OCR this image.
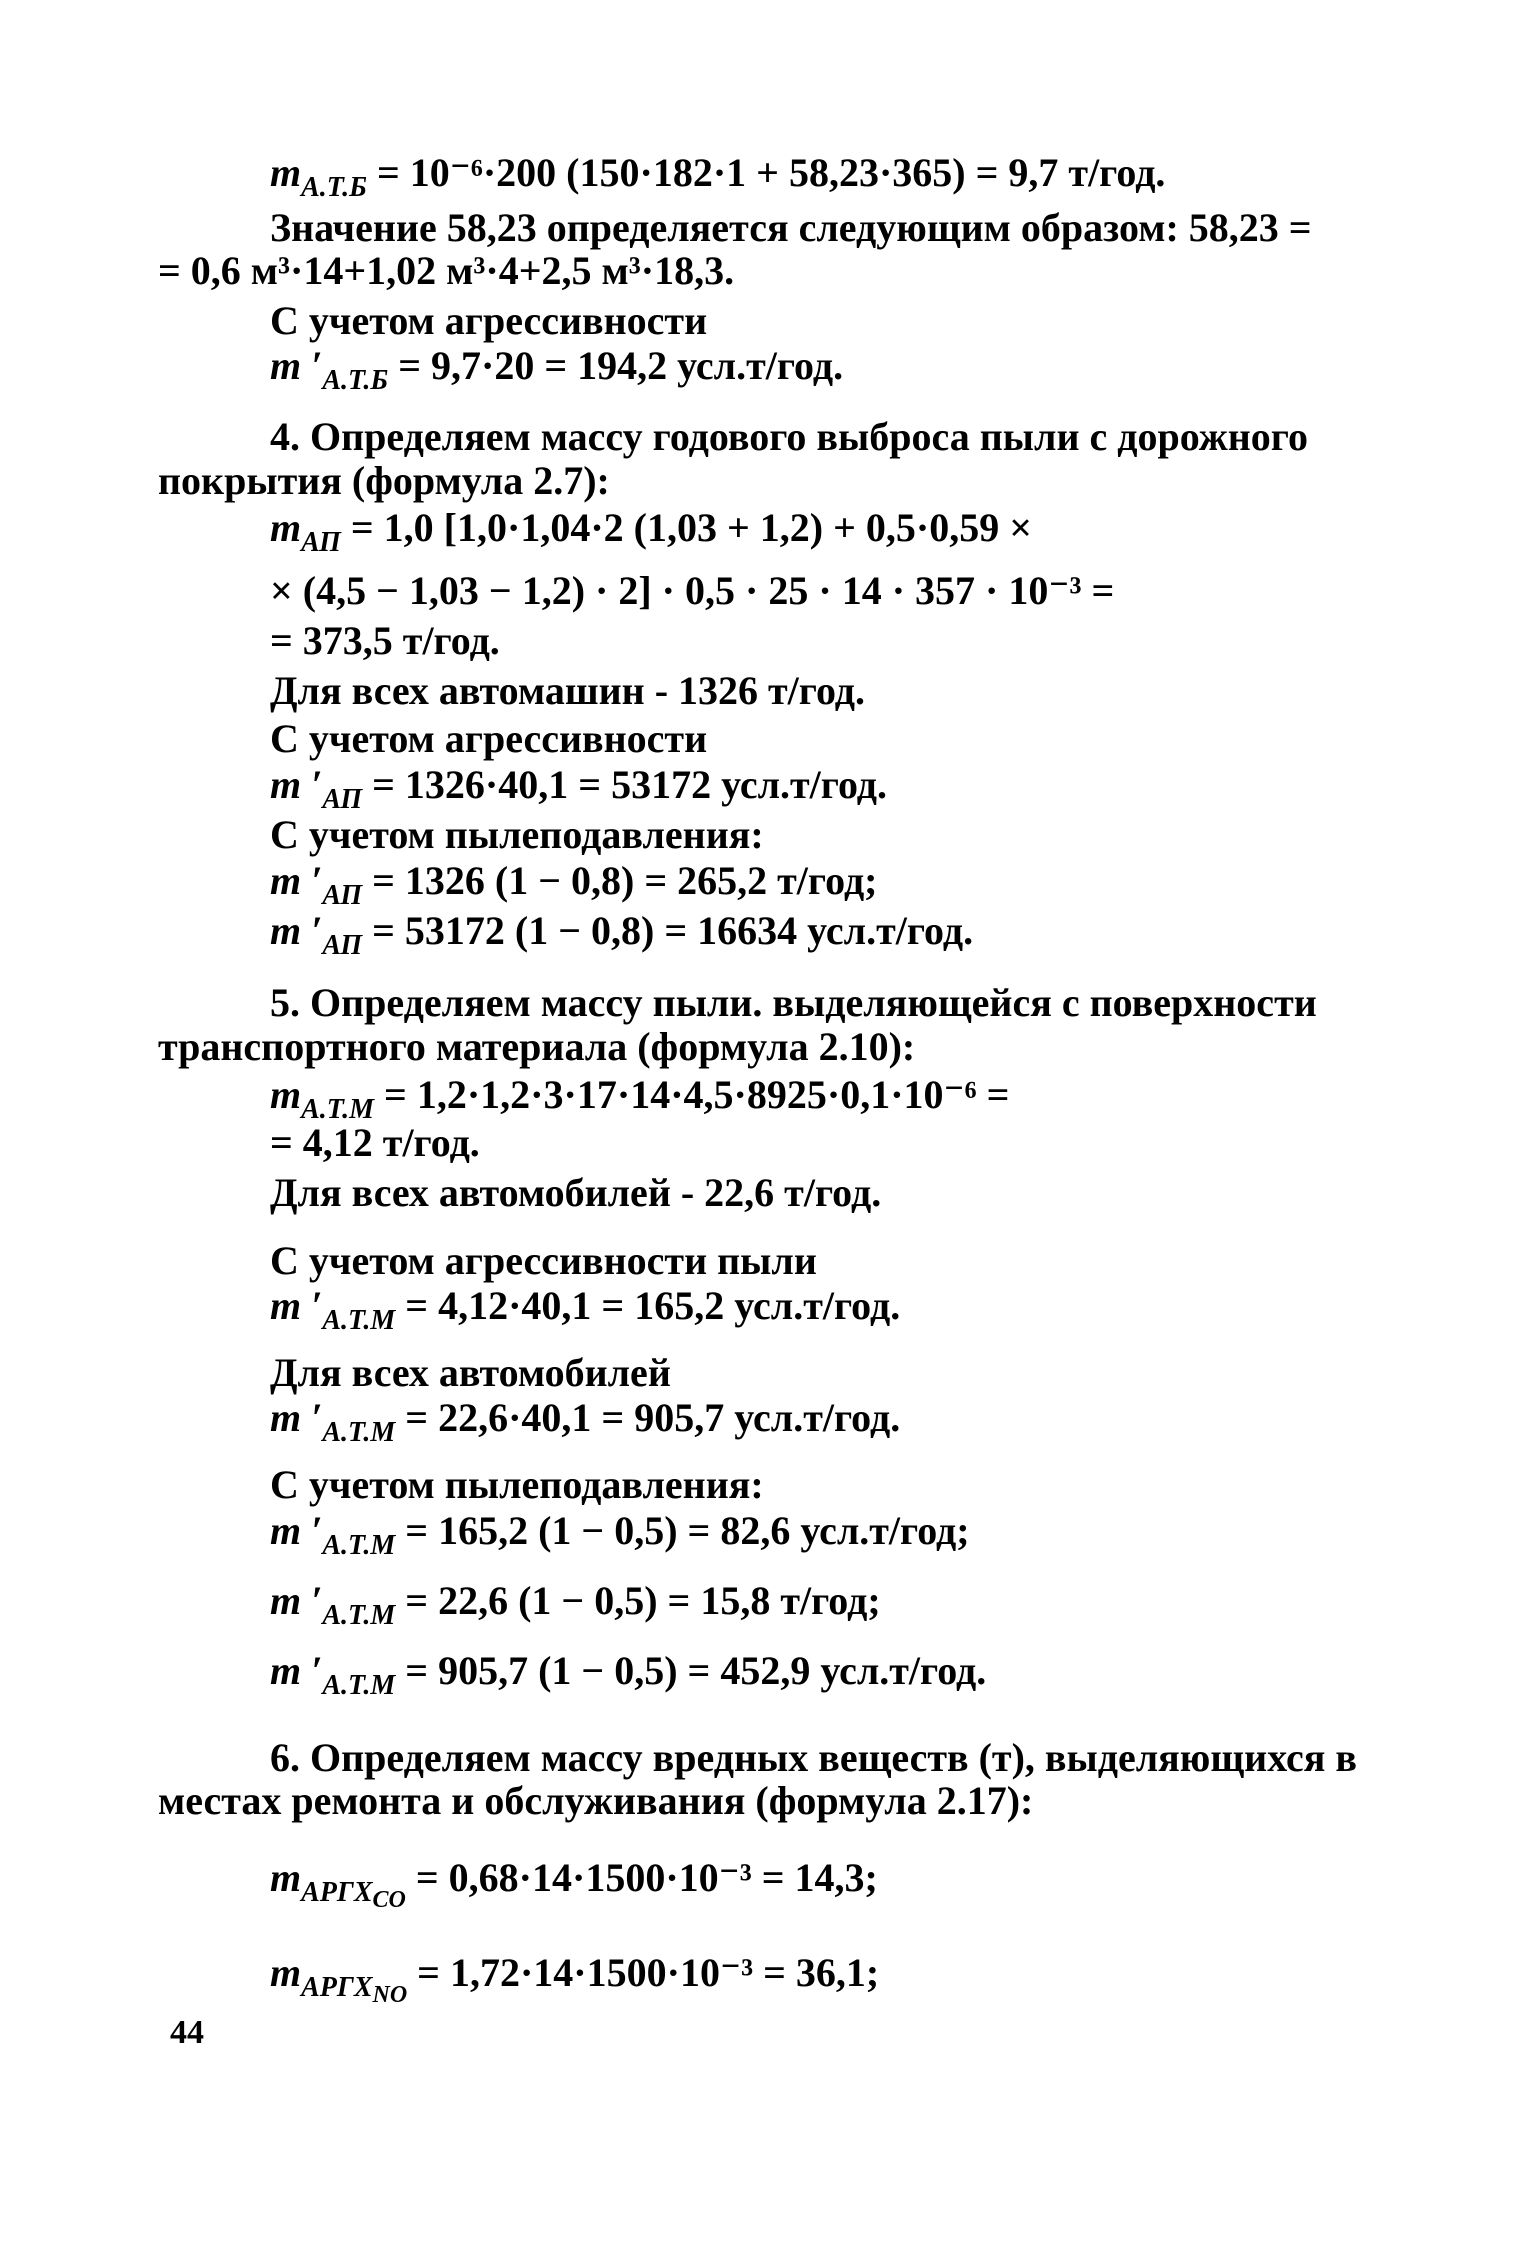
$m_{А.Т.Б} = 10^{-6}\cdot 200$ (150·182·1 + 58,23·365) = 9,7 т/год.
Значение 58,23 определяется следующим образом: 58,23 =
= 0,6 м³·14+1,02 м³·4+2,5 м³·18,3.
С учетом агрессивности
m $'_{А.Т.Б} = 9,7\cdot 20 = 194,2$ усл.т/год.
4. Определяем массу годового выброса пыли с дорожного
покрытия (формула 2.7):
$m_{АП} = 1,0$ [1,0·1,04·2 (1,03 + 1,2) + 0,5·0,59 ×
× (4,5 − 1,03 − 1,2) · 2] · 0,5 · 25 · 14 · 357 · 10⁻³ =
= 373,5 т/год.
Для всех автомашин - 1326 т/год.
С учетом агрессивности
m $'_{АП} = 1326\cdot 40,1 = 53172$ усл.т/год.
С учетом пылеподавления:
m $'_{АП} = 1326$ (1 − 0,8) = 265,2 т/год;
m $'_{АП} = 53172$ (1 − 0,8) = 16634 усл.т/год.
5. Определяем массу пыли. выделяющейся с поверхности
транспортного материала (формула 2.10):
$m_{А.Т.М} = 1,2\cdot 1,2\cdot 3\cdot 17\cdot 14\cdot 4,5\cdot 8925\cdot 0,1\cdot 10^{-6}$ =
= 4,12 т/год.
Для всех автомобилей - 22,6 т/год.
С учетом агрессивности пыли
m $'_{А.Т.М} = 4,12\cdot 40,1 = 165,2$ усл.т/год.
Для всех автомобилей
m $'_{А.Т.М} = 22,6\cdot 40,1 = 905,7$ усл.т/год.
С учетом пылеподавления:
m $'_{А.Т.М} = 165,2$ (1 − 0,5) = 82,6 усл.т/год;
m $'_{А.Т.М} = 22,6$ (1 − 0,5) = 15,8 т/год;
m $'_{А.Т.М} = 905,7$ (1 − 0,5) = 452,9 усл.т/год.
6. Определяем массу вредных веществ (т), выделяющихся в
местах ремонта и обслуживания (формула 2.17):
$m_{АРГХCO} = 0,68\cdot 14\cdot 1500\cdot 10^{-3} = 14,3$;
$m_{АРГХNO} = 1,72\cdot 14\cdot 1500\cdot 10^{-3} = 36,1$;
44
